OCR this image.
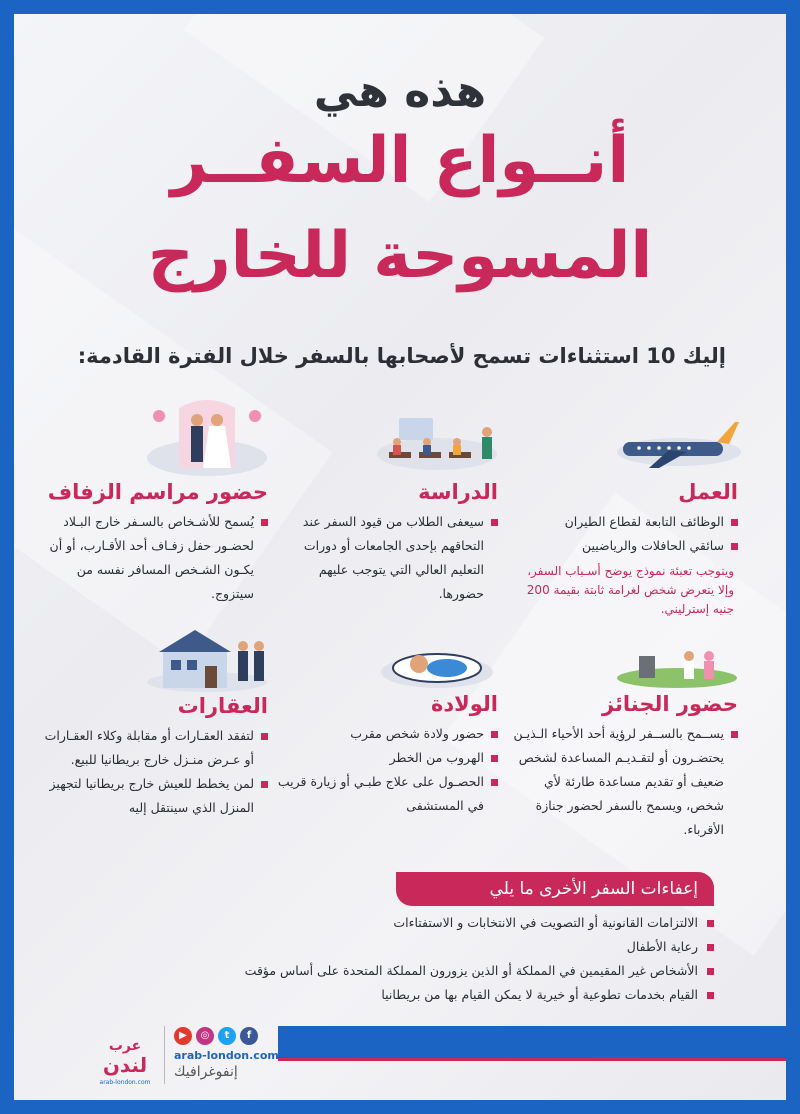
هذه هي
أنــواع السفــر
المسوحة للخارج
إليك 10 استثناءات تسمح لأصحابها بالسفر خلال الفترة القادمة:
العمل
الوظائف التابعة لقطاع الطيران
سائقي الحافلات والرياضيين
ويتوجب تعبئة نموذج يوضح أسـباب السفر، وإلا يتعرض شخص لغرامة ثابتة بقيمة 200 جنيه إسترليني.
الدراسة
سيعفى الطلاب من قيود السفر عند التحاقهم بإحدى الجامعات أو دورات التعليم العالي التي يتوجب عليهم حضورها.
حضور مراسم الزفاف
يُسمح للأشـخاص بالسـفر خارج البـلاد لحضـور حفل زفـاف أحد الأقـارب، أو أن يكـون الشـخص المسافر نفسه من سيتزوج.
حضور الجنائز
يســمح بالســفر لرؤية أحد الأحياء الـذيـن يحتضـرون أو لتقـديـم المساعدة لشخص ضعيف أو تقديم مساعدة طارئة لأي شخص، ويسمح بالسفر لحضور جنازة الأقرباء.
الولادة
حضور ولادة شخص مقرب
الهروب من الخطر
الحصـول على علاج طبـي أو زيارة قريب في المستشفى
العقارات
لتفقد العقـارات أو مقابلة وكلاء العقـارات أو عـرض منـزل خارج بريطانيا للبيع.
لمن يخطط للعيش خارج بريطانيا لتجهيز المنزل الذي سينتقل إليه
إعفاءات السفر الأخرى ما يلي
الالتزامات القانونية أو التصويت في الانتخابات و الاستفتاءات
رعاية الأطفال
الأشخاص غير المقيمين في المملكة أو الذين يزورون المملكة المتحدة على أساس مؤقت
القيام بخدمات تطوعية أو خيرية لا يمكن القيام بها من بريطانيا
▶	◎	t	f
arab-london.com
إنفوغرافيك
عرب
لندن
arab-london.com
